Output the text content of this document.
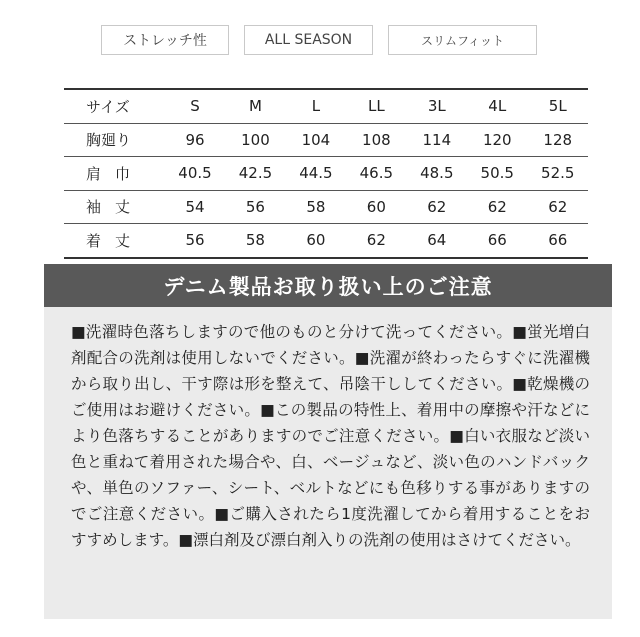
ストレッチ性	ALL SEASON	スリムフィット
サイズ	S	M	L	LL	3L	4L	5L
胸廻り	96	100	104	108	114	120	128
肩巾	40.5	42.5	44.5	46.5	48.5	50.5	52.5
袖丈	54	56	58	60	62	62	62
着丈	56	58	60	62	64	66	66
デニム製品お取り扱い上のご注意
■洗濯時色落ちしますので他のものと分けて洗ってください。■蛍光増白剤配合の洗剤は使用しないでください。■洗濯が終わったらすぐに洗濯機から取り出し、干す際は形を整えて、吊陰干ししてください。■乾燥機のご使用はお避けください。■この製品の特性上、着用中の摩擦や汗などにより色落ちすることがありますのでご注意ください。■白い衣服など淡い色と重ねて着用された場合や、白、ベージュなど、淡い色のハンドバックや、単色のソファー、シート、ベルトなどにも色移りする事がありますのでご注意ください。■ご購入されたら1度洗濯してから着用することをおすすめします。■漂白剤及び漂白剤入りの洗剤の使用はさけてください。
